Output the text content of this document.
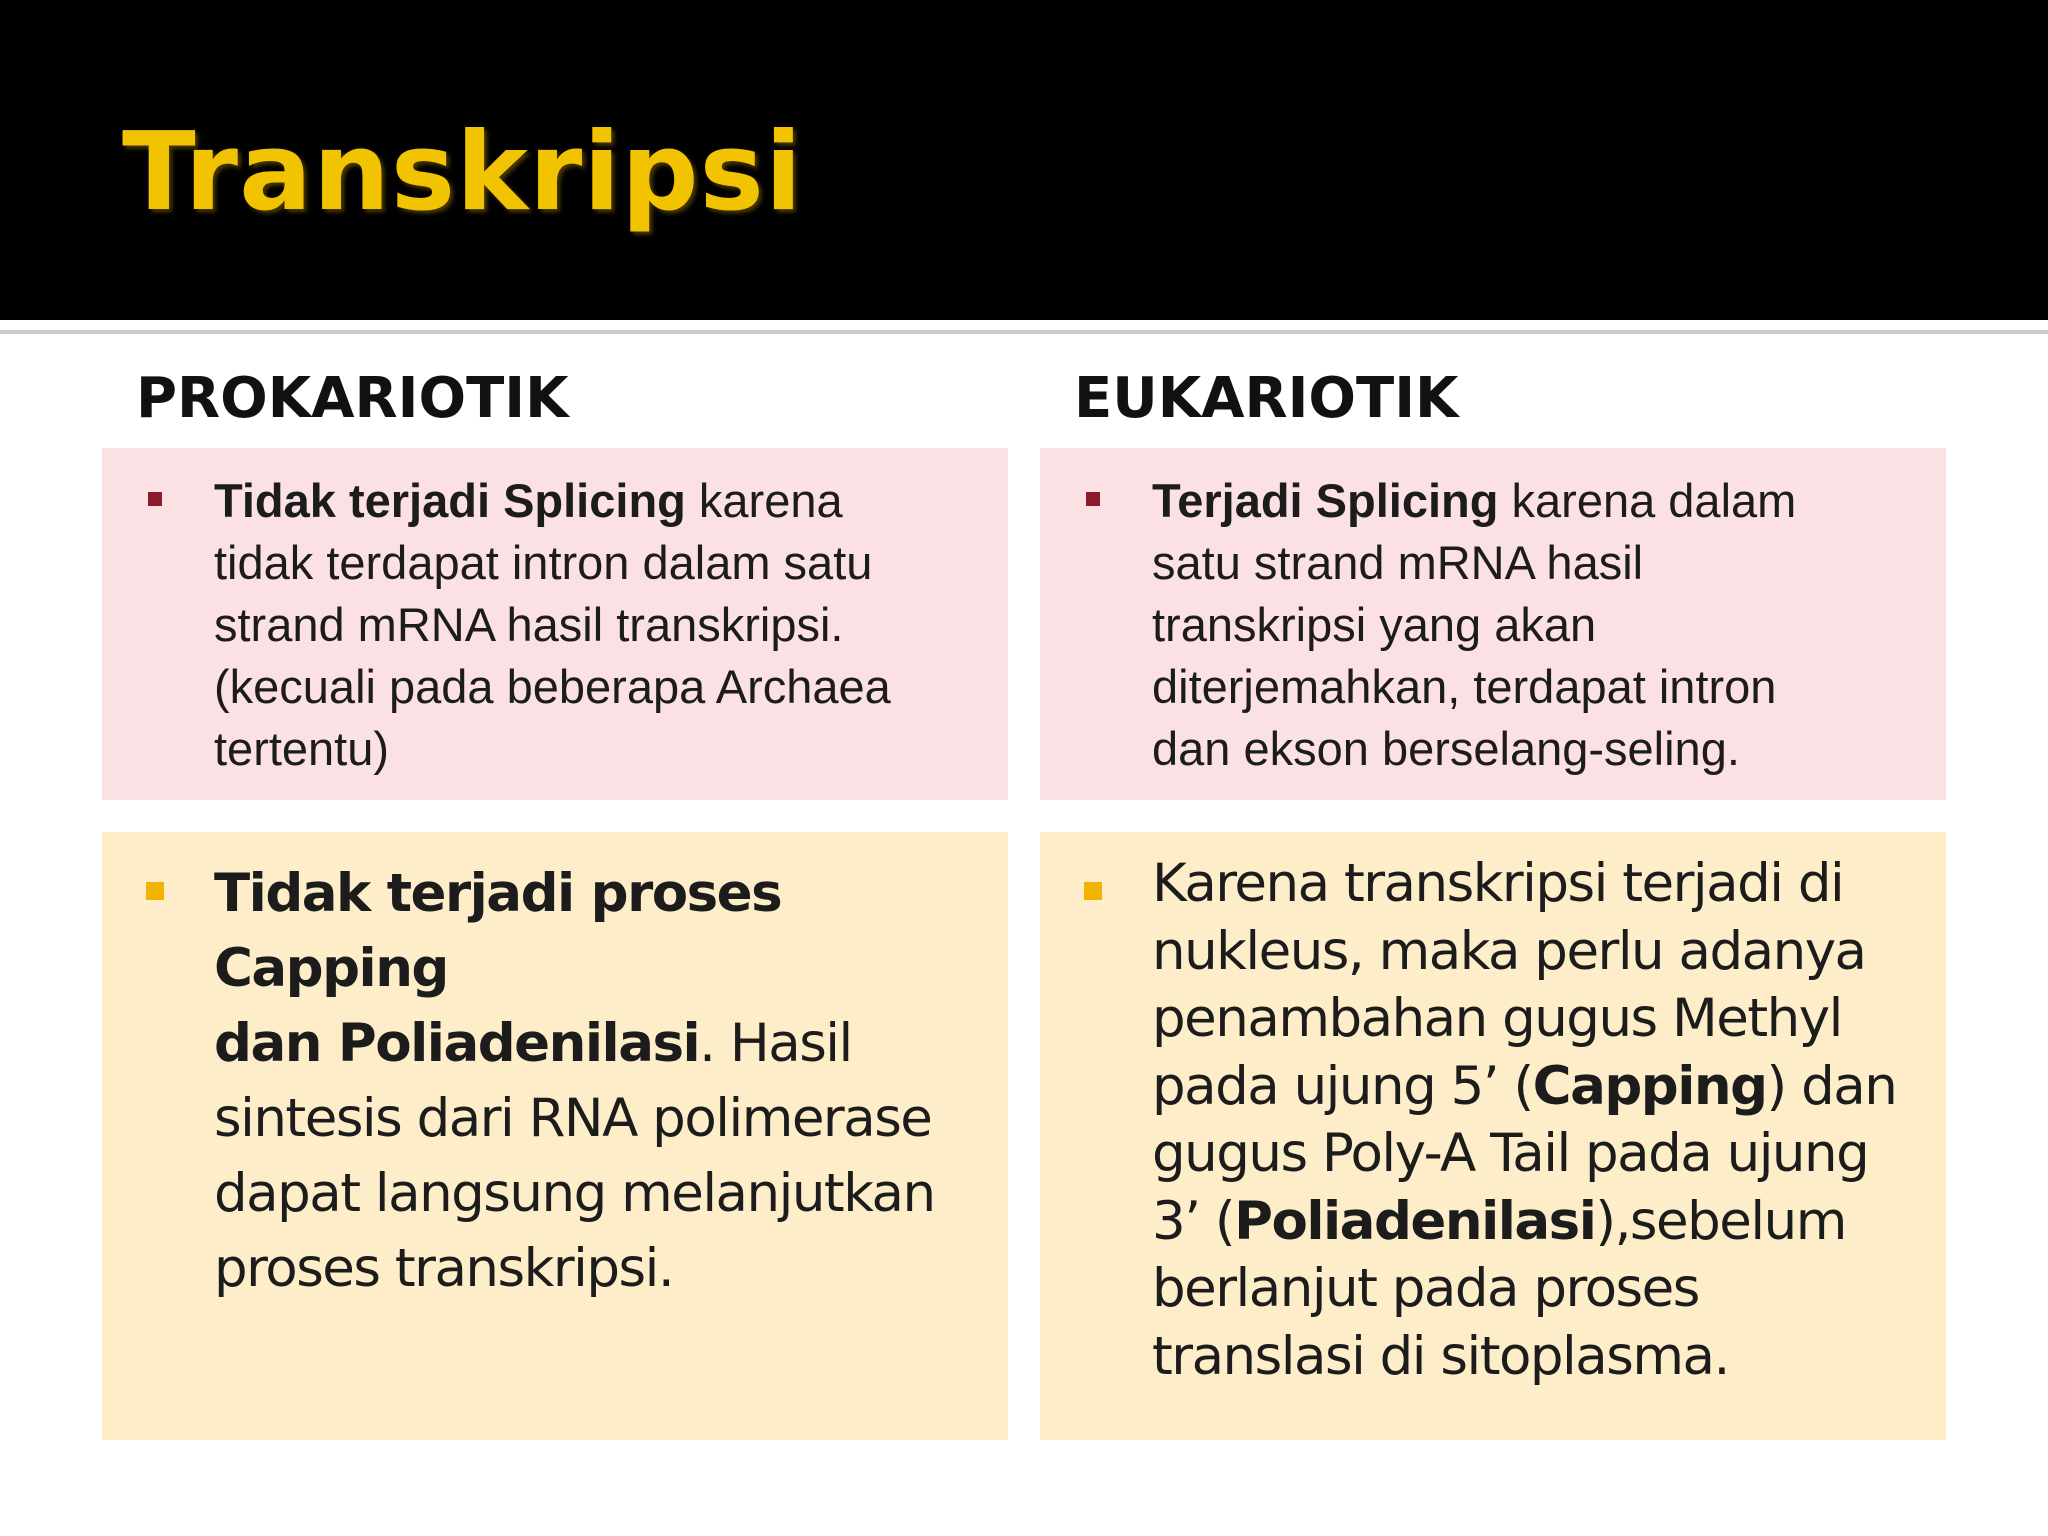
Transkripsi
PROKARIOTIK	EUKARIOTIK
Tidak terjadi Splicing karena
tidak terdapat intron dalam satu
strand mRNA hasil transkripsi.
(kecuali pada beberapa Archaea
tertentu)
Terjadi Splicing karena dalam
satu strand mRNA hasil
transkripsi yang akan
diterjemahkan, terdapat intron
dan ekson berselang-seling.
Tidak terjadi proses Capping
dan Poliadenilasi. Hasil
sintesis dari RNA polimerase
dapat langsung melanjutkan
proses transkripsi.
Karena transkripsi terjadi di
nukleus, maka perlu adanya
penambahan gugus Methyl
pada ujung 5’ (Capping) dan
gugus Poly-A Tail pada ujung
3’ (Poliadenilasi),sebelum
berlanjut pada proses
translasi di sitoplasma.
